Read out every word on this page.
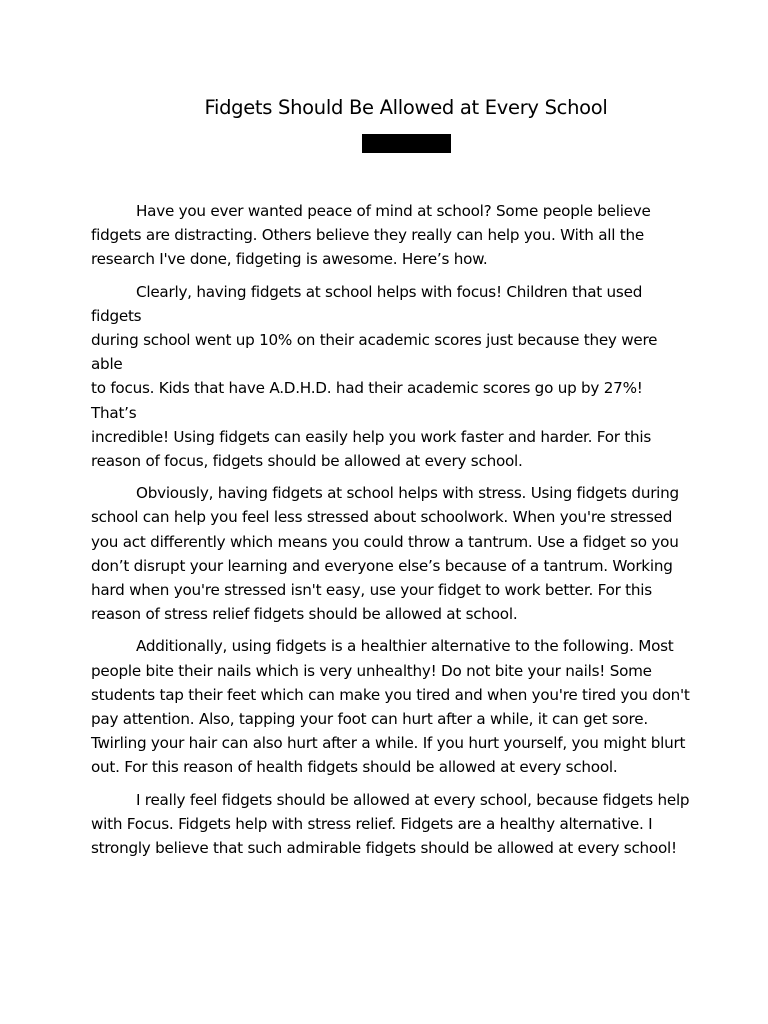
Fidgets Should Be Allowed at Every School

Have you ever wanted peace of mind at school? Some people believe
fidgets are distracting. Others believe they really can help you. With all the
research I've done, fidgeting is awesome. Here’s how.

Clearly, having fidgets at school helps with focus! Children that used fidgets
during school went up 10% on their academic scores just because they were able
to focus. Kids that have A.D.H.D. had their academic scores go up by 27%! That’s
incredible! Using fidgets can easily help you work faster and harder. For this
reason of focus, fidgets should be allowed at every school.

Obviously, having fidgets at school helps with stress. Using fidgets during
school can help you feel less stressed about schoolwork. When you're stressed
you act differently which means you could throw a tantrum. Use a fidget so you
don’t disrupt your learning and everyone else’s because of a tantrum. Working
hard when you're stressed isn't easy, use your fidget to work better. For this
reason of stress relief fidgets should be allowed at school.

Additionally, using fidgets is a healthier alternative to the following. Most
people bite their nails which is very unhealthy! Do not bite your nails! Some
students tap their feet which can make you tired and when you're tired you don't
pay attention. Also, tapping your foot can hurt after a while, it can get sore.
Twirling your hair can also hurt after a while. If you hurt yourself, you might blurt
out. For this reason of health fidgets should be allowed at every school.

I really feel fidgets should be allowed at every school, because fidgets help
with Focus. Fidgets help with stress relief. Fidgets are a healthy alternative. I
strongly believe that such admirable fidgets should be allowed at every school!
